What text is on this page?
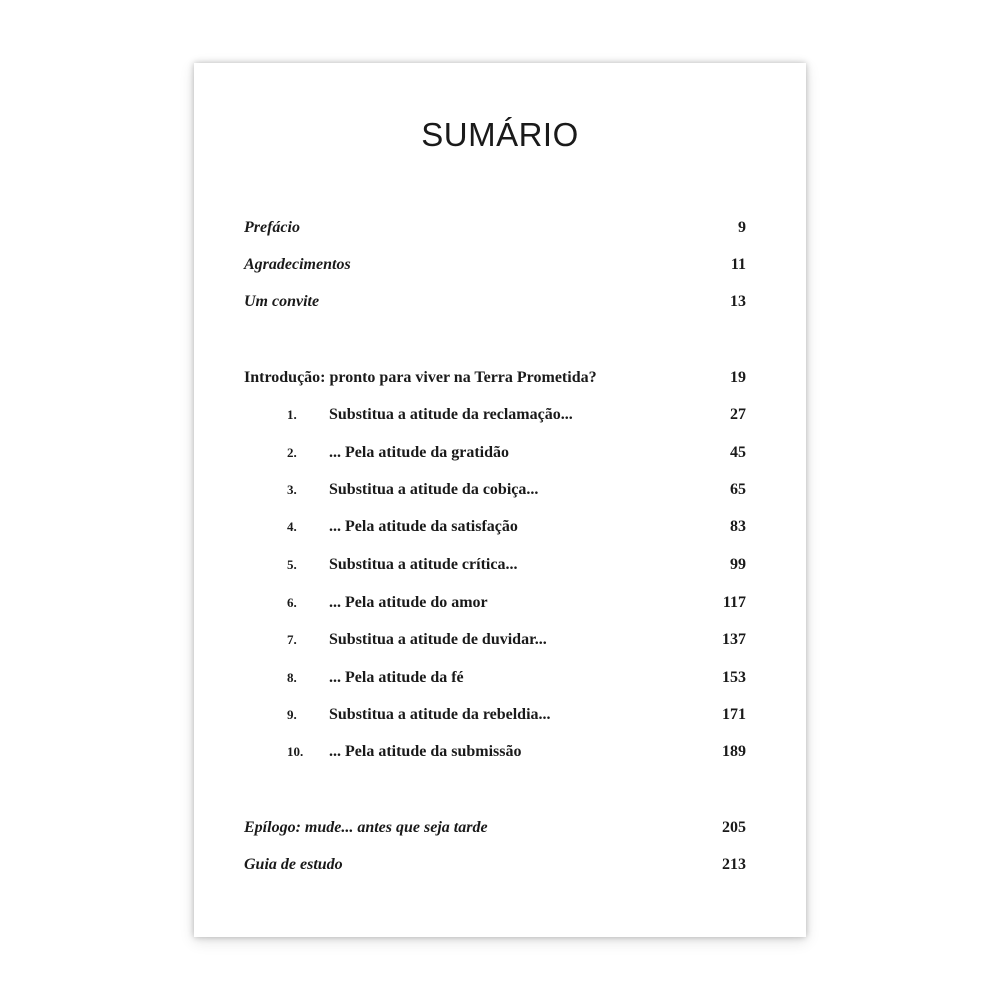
SUMÁRIO
Prefácio	9
Agradecimentos	11
Um convite	13
Introdução: pronto para viver na Terra Prometida?	19
1. Substitua a atitude da reclamação...	27
2. ... Pela atitude da gratidão	45
3. Substitua a atitude da cobiça...	65
4. ... Pela atitude da satisfação	83
5. Substitua a atitude crítica...	99
6. ... Pela atitude do amor	117
7. Substitua a atitude de duvidar...	137
8. ... Pela atitude da fé	153
9. Substitua a atitude da rebeldia...	171
10. ... Pela atitude da submissão	189
Epílogo: mude... antes que seja tarde	205
Guia de estudo	213
